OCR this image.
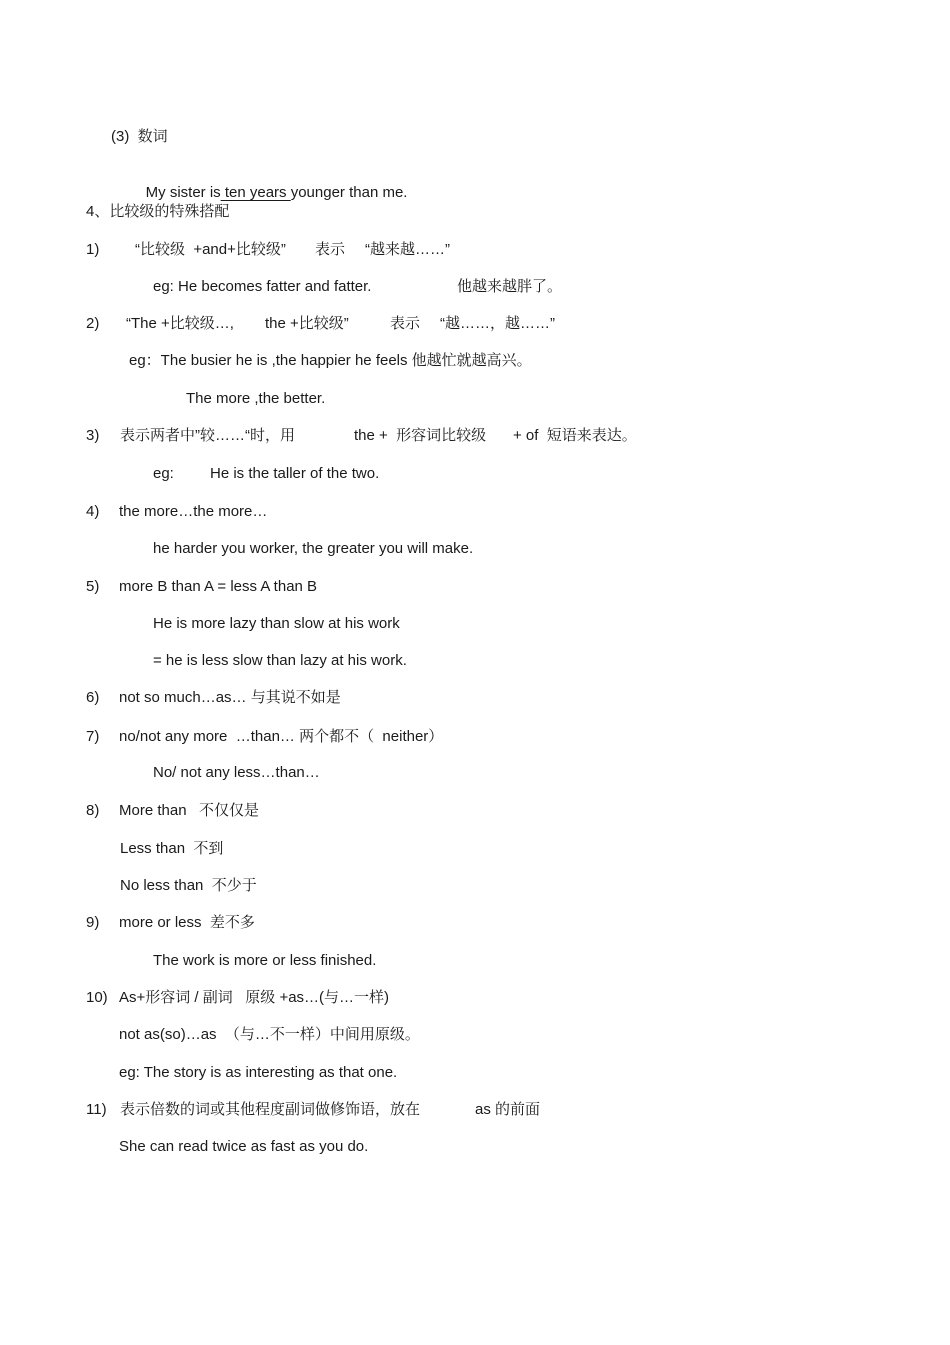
(3)  数词

My sister is ten years younger than me.

4、比较级的特殊搭配
1) “比较级  +and+比较级” 表示 “越来越……”
eg: He becomes fatter and fatter.	他越来越胖了。
2) “The +比较级…, the +比较级”	表示 “越……，越……”
eg：The busier he is ,the happier he feels 他越忙就越高兴。
The more ,the better.
3) 表示两者中”较……“时，用	the +  形容词比较级 + of  短语来表达。
eg: He is the taller of the two.
4) the more…the more…
he harder you worker, the greater you will make.
5) more B than A = less A than B
He is more lazy than slow at his work
= he is less slow than lazy at his work.
6) not so much…as… 与其说不如是
7) no/not any more  …than… 两个都不（  neither）
No/ not any less…than…
8) More than   不仅仅是
Less than  不到
No less than  不少于
9) more or less  差不多
The work is more or less finished.
10) As+形容词 / 副词   原级 +as…(与…一样)
not as(so)…as  （与…不一样）中间用原级。
eg: The story is as interesting as that one.
11) 表示倍数的词或其他程度副词做修饰语，放在	as 的前面
She can read twice as fast as you do.
